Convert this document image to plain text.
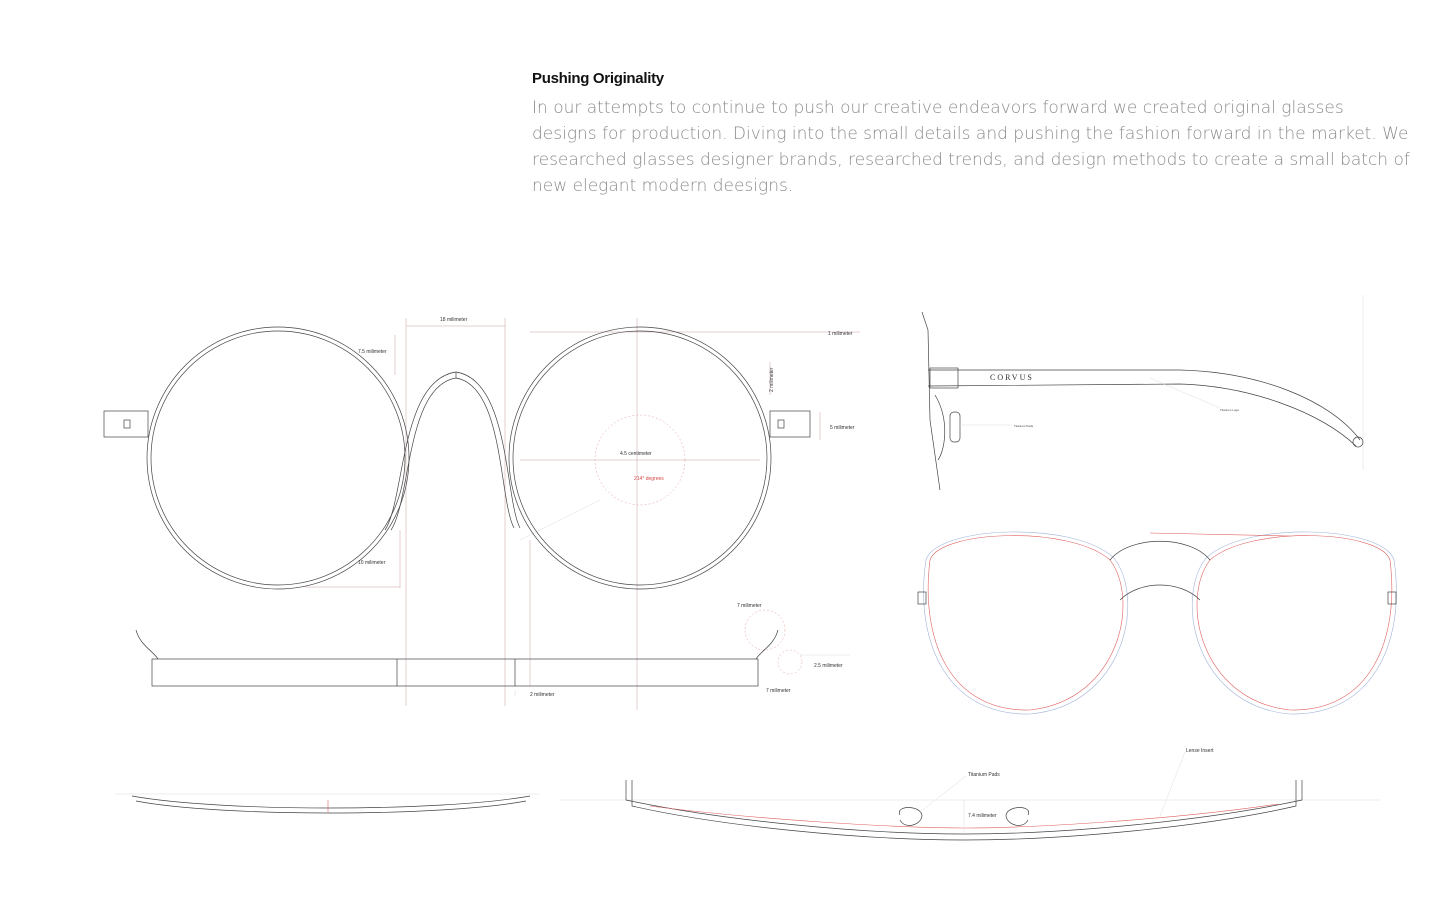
Pushing Originality

In our attempts to continue to push our creative endeavors forward we created original glasses designs for production. Diving into the small details and pushing the fashion forward in the market. We researched glasses designer brands, researched trends, and design methods to create a small batch of new elegant modern deesigns.

18 milimeter
7.5 milimeter
1 milimeter
2 milimeter
5 milimeter
4.5 centimeter
214° degrees
10 milimeter
7 milimeter
2.5 milimeter
7 milimeter
2 milimeter
CORVUS
Titanium Logo
Titanium Pads
Titanium Pads
Lense Insert
7.4 milimeter
